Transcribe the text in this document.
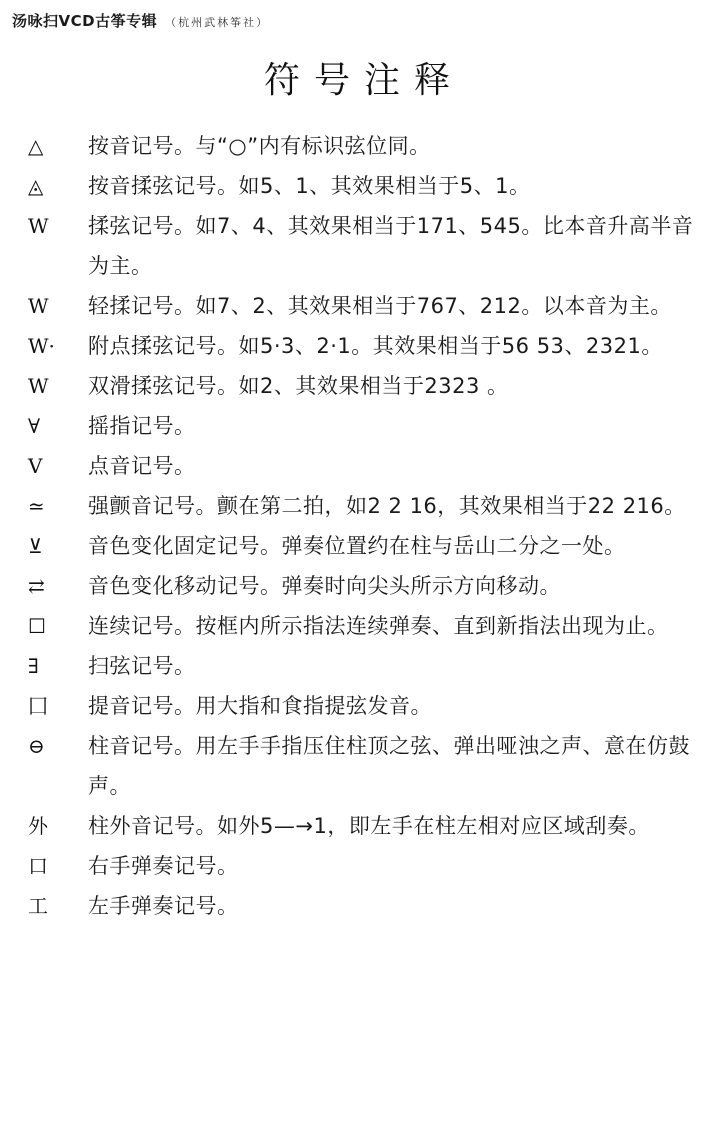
汤咏扫VCD古筝专辑 （杭州武林筝社）
符号注释
△	按音记号。与“○”内有标识弦位同。
◬	按音揉弦记号。如5、1、其效果相当于5、1。
W	揉弦记号。如7、4、其效果相当于171、545。比本音升高半音为主。
W	轻揉记号。如7、2、其效果相当于767、212。以本音为主。
W·	附点揉弦记号。如5·3、2·1。其效果相当于56 53、2321。
W	双滑揉弦记号。如2、其效果相当于2323 。
∀	摇指记号。
V	点音记号。
≃	强颤音记号。颤在第二拍，如2 2 16，其效果相当于22 216。
⊻	音色变化固定记号。弹奏位置约在柱与岳山二分之一处。
⇄	音色变化移动记号。弹奏时向尖头所示方向移动。
☐	连续记号。按框内所示指法连续弹奏、直到新指法出现为止。
∃	扫弦记号。
⼞	提音记号。用大指和食指提弦发音。
⊖	柱音记号。用左手手指压住柱顶之弦、弹出哑浊之声、意在仿鼓声。
外	柱外音记号。如外5—→1，即左手在柱左相对应区域刮奏。
口	右手弹奏记号。
工	左手弹奏记号。
